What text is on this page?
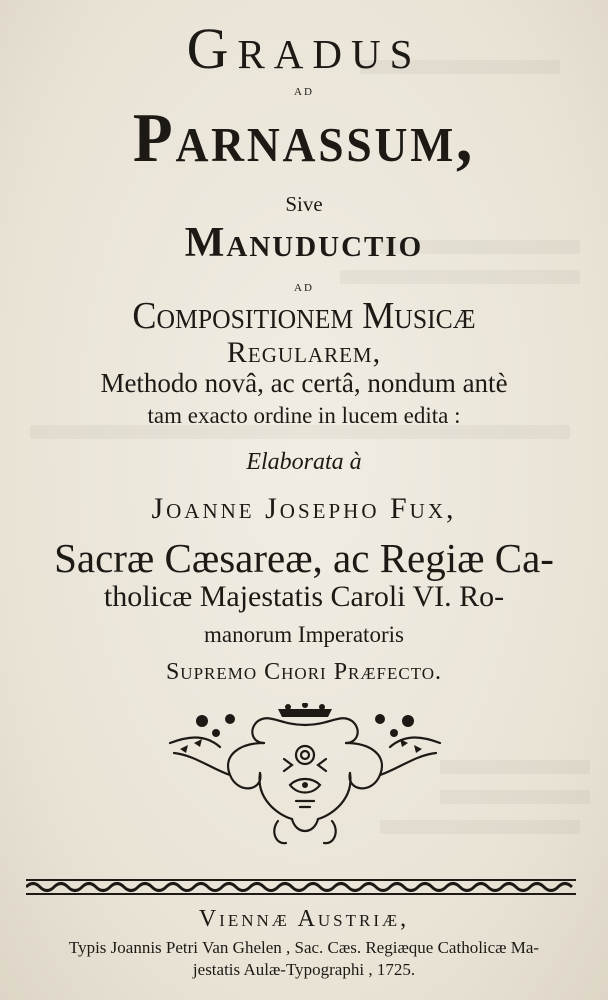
Gradus
ad
Parnassum,
Sive
Manuductio
ad
Compositionem Musicæ
Regularem,
Methodo novâ, ac certâ, nondum antè
tam exacto ordine in lucem edita :
Elaborata à
Joanne Josepho Fux,
Sacræ Cæsareæ, ac Regiæ Ca-
tholicæ Majestatis Caroli VI. Ro-
manorum Imperatoris
Supremo Chori Præfecto.
Viennæ Austriæ,
Typis Joannis Petri Van Ghelen , Sac. Cæs. Regiæque Catholicæ Ma-
jestatis Aulæ-Typographi , 1725.
